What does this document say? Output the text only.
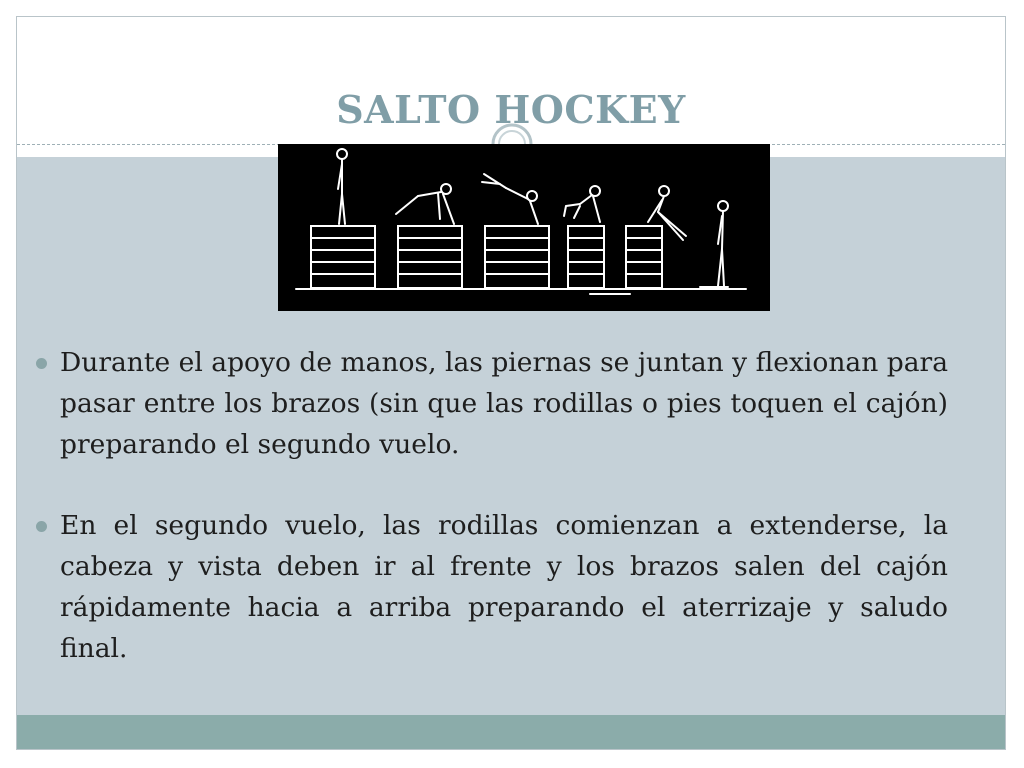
SALTO HOCKEY
Durante el apoyo de manos, las piernas se juntan y flexionan para pasar entre los brazos (sin que las rodillas o pies toquen el cajón) preparando el segundo vuelo.
En el segundo vuelo, las rodillas comienzan a extenderse, la cabeza y vista deben ir al frente y los brazos salen del cajón rápidamente hacia a arriba preparando el aterrizaje y saludo final.
